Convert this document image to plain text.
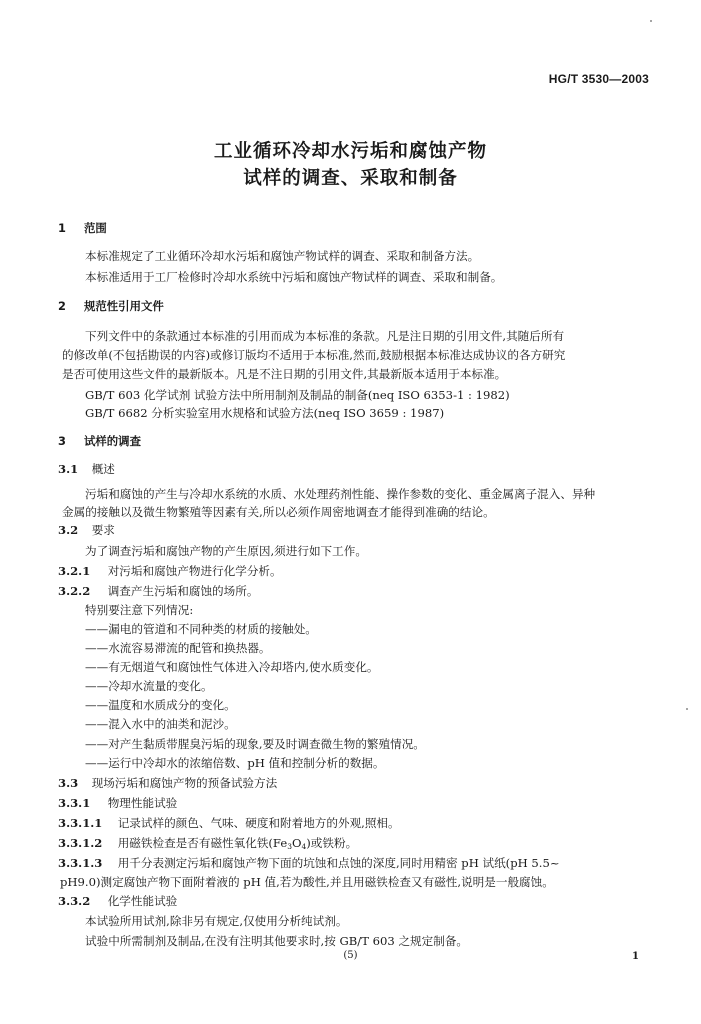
HG/T 3530—2003
工业循环冷却水污垢和腐蚀产物
试样的调查、采取和制备
1 范围

本标准规定了工业循环冷却水污垢和腐蚀产物试样的调查、采取和制备方法。

本标准适用于工厂检修时冷却水系统中污垢和腐蚀产物试样的调查、采取和制备。

2 规范性引用文件

下列文件中的条款通过本标准的引用而成为本标准的条款。凡是注日期的引用文件,其随后所有

的修改单(不包括勘误的内容)或修订版均不适用于本标准,然而,鼓励根据本标准达成协议的各方研究

是否可使用这些文件的最新版本。凡是不注日期的引用文件,其最新版本适用于本标准。

GB/T 603 化学试剂 试验方法中所用制剂及制品的制备(neq ISO 6353-1 : 1982)

GB/T 6682 分析实验室用水规格和试验方法(neq ISO 3659 : 1987)

3 试样的调查
3.1 概述

污垢和腐蚀的产生与冷却水系统的水质、水处理药剂性能、操作参数的变化、重金属离子混入、异种

金属的接触以及微生物繁殖等因素有关,所以必须作周密地调查才能得到准确的结论。

3.2 要求

为了调查污垢和腐蚀产物的产生原因,须进行如下工作。

3.2.1 对污垢和腐蚀产物进行化学分析。
3.2.2 调查产生污垢和腐蚀的场所。

特别要注意下列情况:

——漏电的管道和不同种类的材质的接触处。

——水流容易滞流的配管和换热器。

——有无烟道气和腐蚀性气体进入冷却塔内,使水质变化。

——冷却水流量的变化。

——温度和水质成分的变化。

——混入水中的油类和泥沙。

——对产生黏质带腥臭污垢的现象,要及时调查微生物的繁殖情况。

——运行中冷却水的浓缩倍数、pH 值和控制分析的数据。

3.3 现场污垢和腐蚀产物的预备试验方法
3.3.1 物理性能试验
3.3.1.1 记录试样的颜色、气味、硬度和附着地方的外观,照相。
3.3.1.2 用磁铁检查是否有磁性氧化铁$(Fe_3O_4)$或铁粉。
3.3.1.3 用千分表测定污垢和腐蚀产物下面的坑蚀和点蚀的深度,同时用精密 pH 试纸(pH 5.5~

pH9.0)测定腐蚀产物下面附着液的 pH 值,若为酸性,并且用磁铁检查又有磁性,说明是一般腐蚀。

3.3.2 化学性能试验

本试验所用试剂,除非另有规定,仅使用分析纯试剂。

试验中所需制剂及制品,在没有注明其他要求时,按 GB/T 603 之规定制备。

(5)	1
